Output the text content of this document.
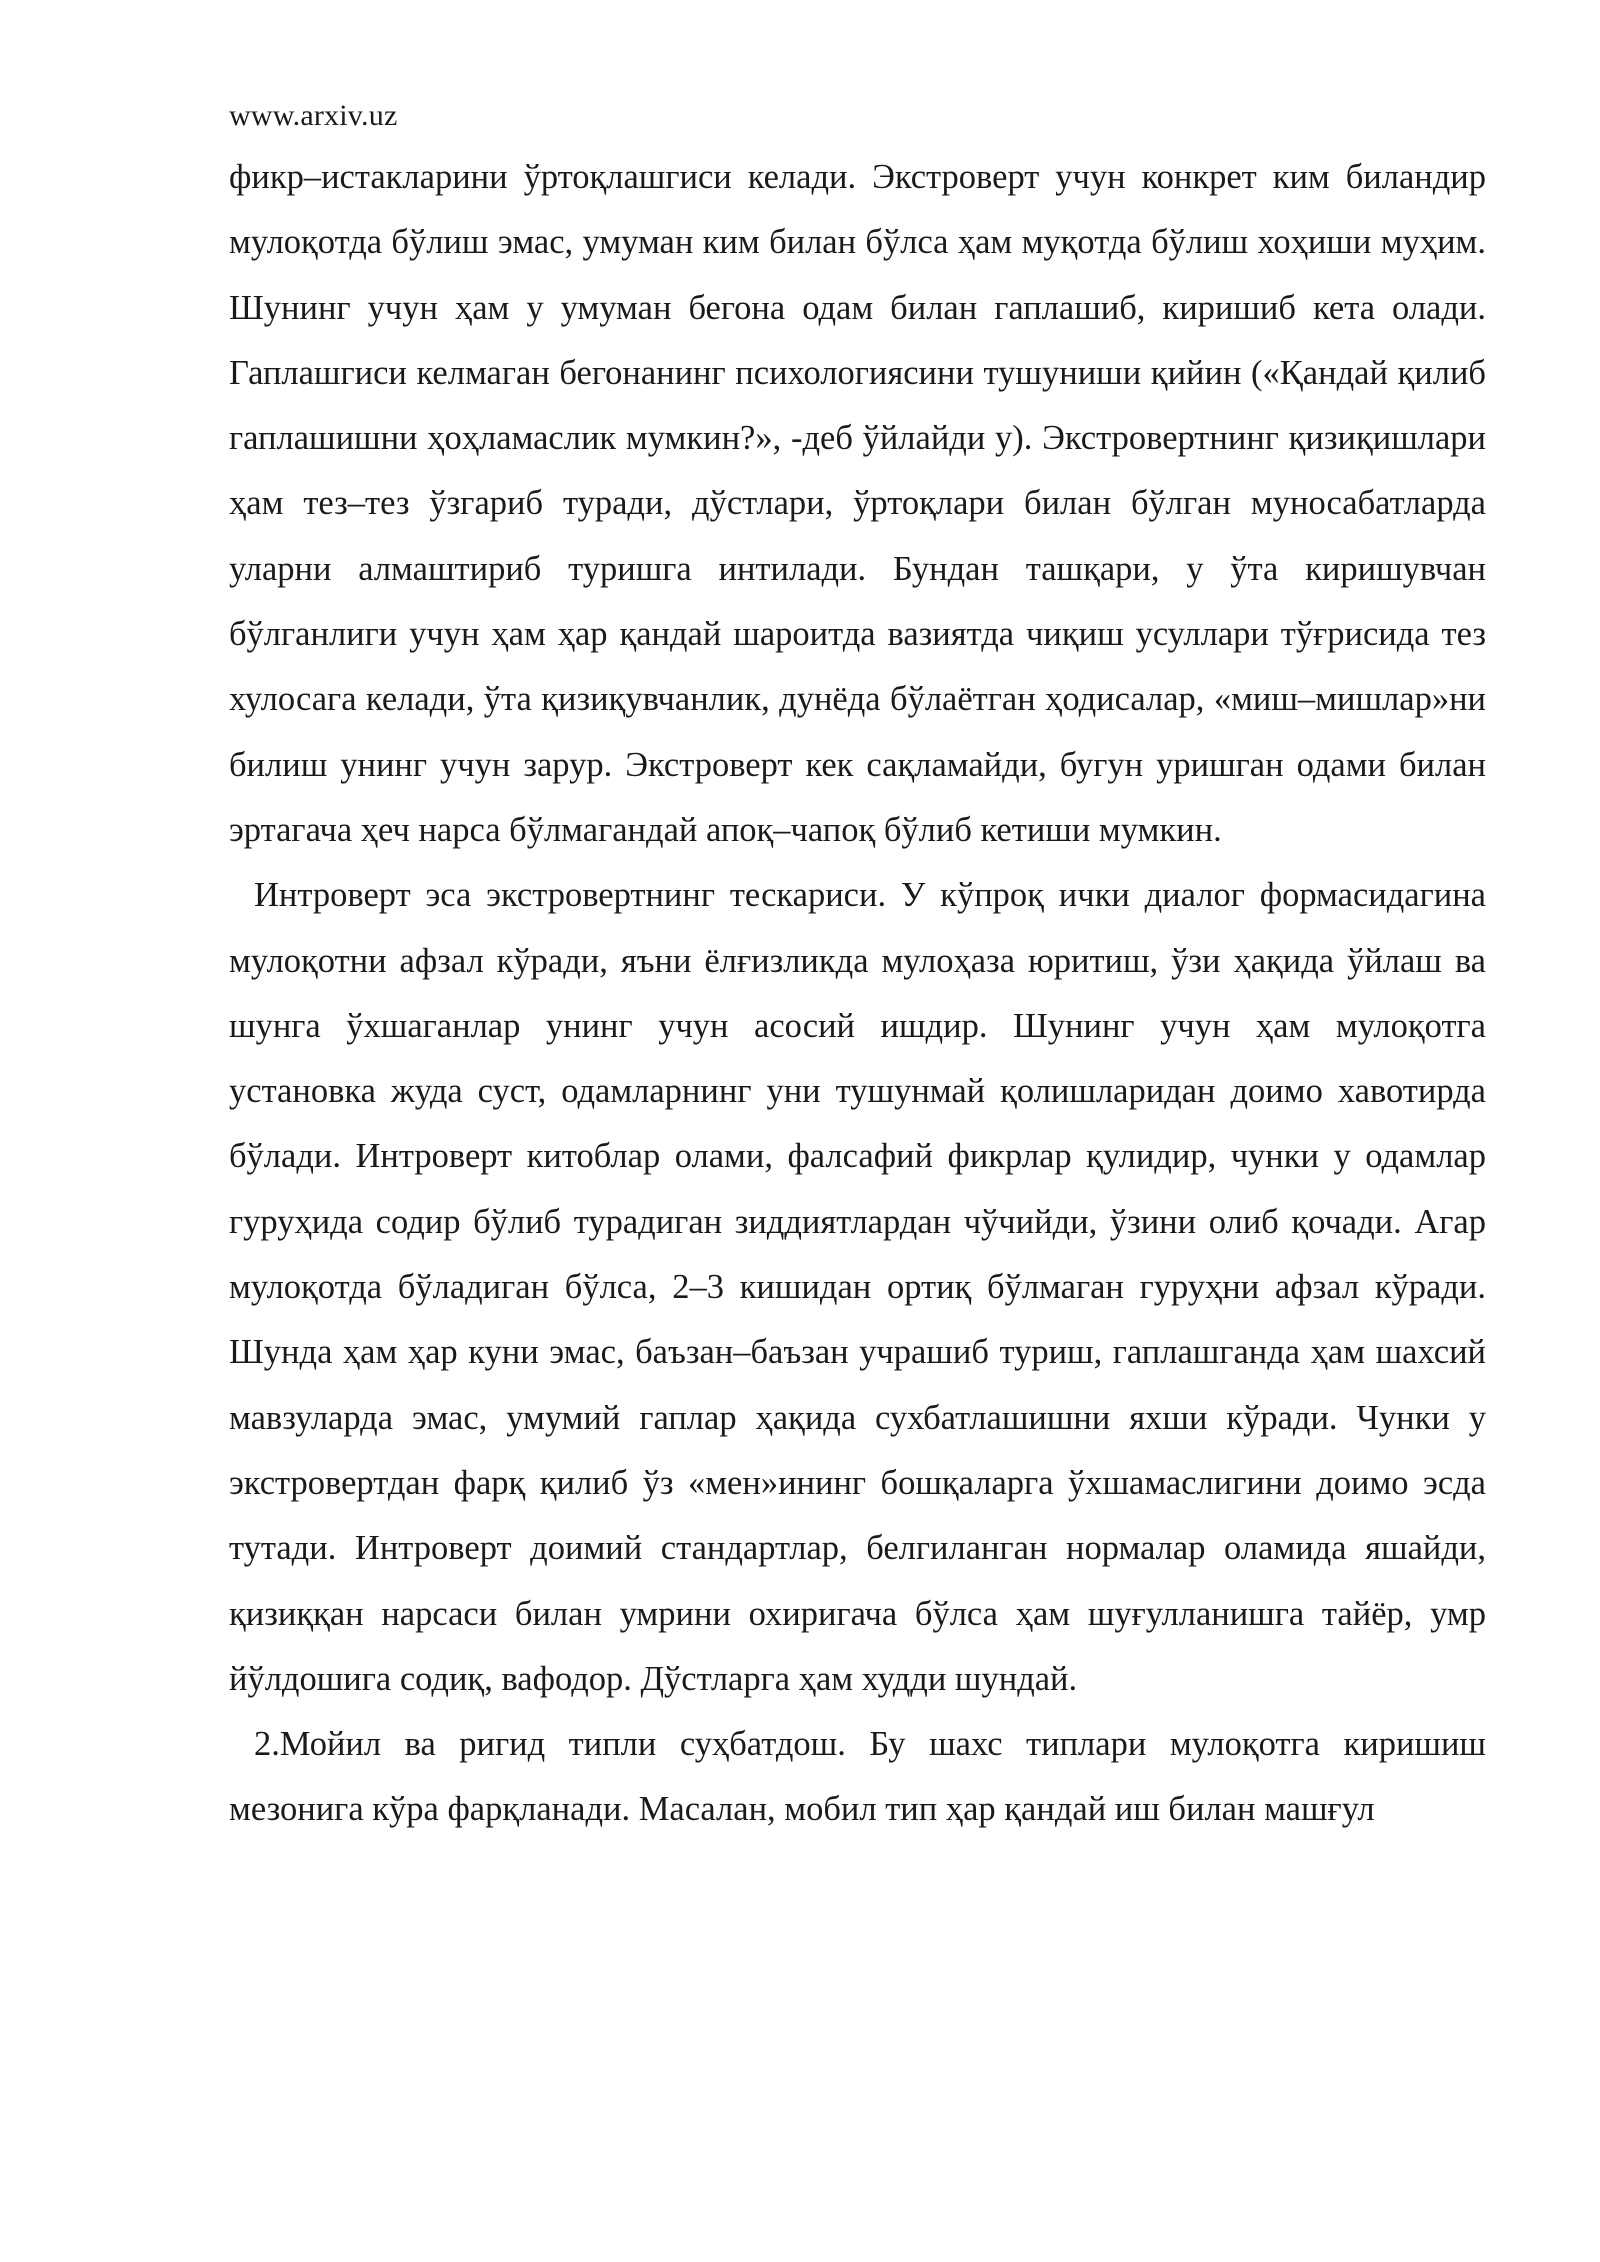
www.arxiv.uz

фикр–истакларини ўртоқлашгиси келади. Экстроверт учун конкрет ким биландир мулоқотда бўлиш эмас, умуман ким билан бўлса ҳам муқотда бўлиш хоҳиши муҳим. Шунинг учун ҳам у умуман бегона одам билан гаплашиб, киришиб кета олади. Гаплашгиси келмаган бегонанинг психологиясини тушуниши қийин («Қандай қилиб гаплашишни ҳоҳламаслик мумкин?», -деб ўйлайди у). Экстровертнинг қизиқишлари ҳам тез–тез ўзгариб туради, дўстлари, ўртоқлари билан бўлган муносабатларда уларни алмаштириб туришга интилади. Бундан ташқари, у ўта киришувчан бўлганлиги учун ҳам ҳар қандай шароитда вазиятда чиқиш усуллари тўғрисида тез хулосага келади, ўта қизиқувчанлик, дунёда бўлаётган ҳодисалар, «миш–мишлар»ни билиш унинг учун зарур. Экстроверт кек сақламайди, бугун уришган одами билан эртагача ҳеч нарса бўлмагандай апоқ–чапоқ бўлиб кетиши мумкин.

Интроверт эса экстровертнинг тескариси. У кўпроқ ички диалог формасидагина мулоқотни афзал кўради, яъни ёлғизликда мулоҳаза юритиш, ўзи ҳақида ўйлаш ва шунга ўхшаганлар унинг учун асосий ишдир. Шунинг учун ҳам мулоқотга установка жуда суст, одамларнинг уни тушунмай қолишларидан доимо хавотирда бўлади. Интроверт китоблар олами, фалсафий фикрлар қулидир, чунки у одамлар гуруҳида содир бўлиб турадиган зиддиятлардан чўчийди, ўзини олиб қочади. Агар мулоқотда бўладиган бўлса, 2–3 кишидан ортиқ бўлмаган гуруҳни афзал кўради. Шунда ҳам ҳар куни эмас, баъзан–баъзан учрашиб туриш, гаплашганда ҳам шахсий мавзуларда эмас, умумий гаплар ҳақида сухбатлашишни яхши кўради. Чунки у экстровертдан фарқ қилиб ўз «мен»ининг бошқаларга ўхшамаслигини доимо эсда тутади. Интроверт доимий стандартлар, белгиланган нормалар оламида яшайди, қизиққан нарсаси билан умрини охиригача бўлса ҳам шуғулланишга тайёр, умр йўлдошига содиқ, вафодор. Дўстларга ҳам худди шундай.

2.Мойил ва ригид типли суҳбатдош. Бу шахс типлари мулоқотга киришиш мезонига кўра фарқланади. Масалан, мобил тип ҳар қандай иш билан машғул
